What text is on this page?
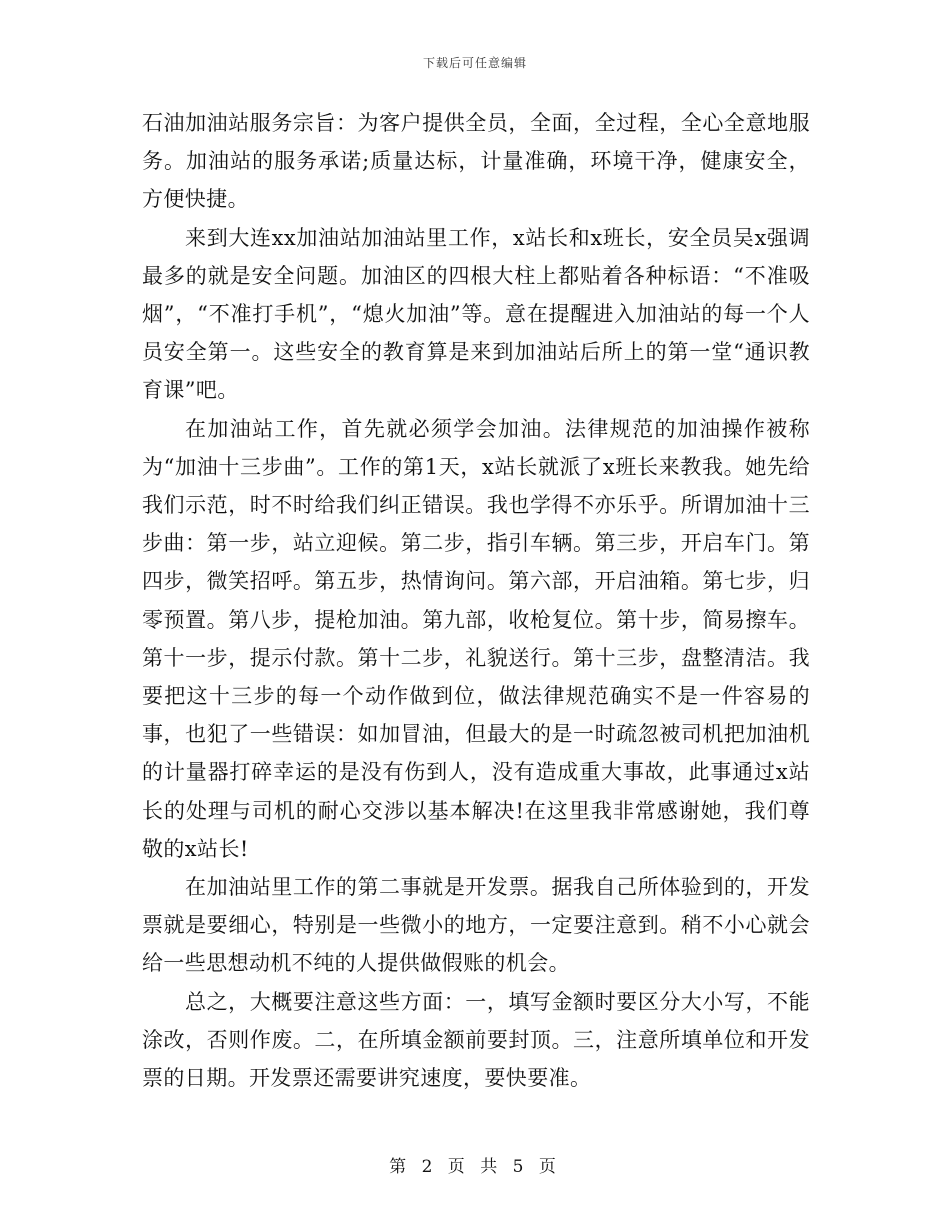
下载后可任意编辑

石油加油站服务宗旨：为客户提供全员，全面，全过程，全心全意地服务。加油站的服务承诺;质量达标，计量准确，环境干净，健康安全，方便快捷。

来到大连xx加油站加油站里工作，x站长和x班长，安全员吴x强调最多的就是安全问题。加油区的四根大柱上都贴着各种标语：“不准吸烟”，“不准打手机”，“熄火加油”等。意在提醒进入加油站的每一个人员安全第一。这些安全的教育算是来到加油站后所上的第一堂“通识教育课”吧。

在加油站工作，首先就必须学会加油。法律规范的加油操作被称为“加油十三步曲”。工作的第1天，x站长就派了x班长来教我。她先给我们示范，时不时给我们纠正错误。我也学得不亦乐乎。所谓加油十三步曲：第一步，站立迎候。第二步，指引车辆。第三步，开启车门。第四步，微笑招呼。第五步，热情询问。第六部，开启油箱。第七步，归零预置。第八步，提枪加油。第九部，收枪复位。第十步，简易擦车。第十一步，提示付款。第十二步，礼貌送行。第十三步，盘整清洁。我要把这十三步的每一个动作做到位，做法律规范确实不是一件容易的事，也犯了一些错误：如加冒油，但最大的是一时疏忽被司机把加油机的计量器打碎幸运的是没有伤到人，没有造成重大事故，此事通过x站长的处理与司机的耐心交涉以基本解决!在这里我非常感谢她，我们尊敬的x站长!

在加油站里工作的第二事就是开发票。据我自己所体验到的，开发票就是要细心，特别是一些微小的地方，一定要注意到。稍不小心就会给一些思想动机不纯的人提供做假账的机会。

总之，大概要注意这些方面：一，填写金额时要区分大小写，不能涂改，否则作废。二，在所填金额前要封顶。三，注意所填单位和开发票的日期。开发票还需要讲究速度，要快要准。

第 2 页 共 5 页
